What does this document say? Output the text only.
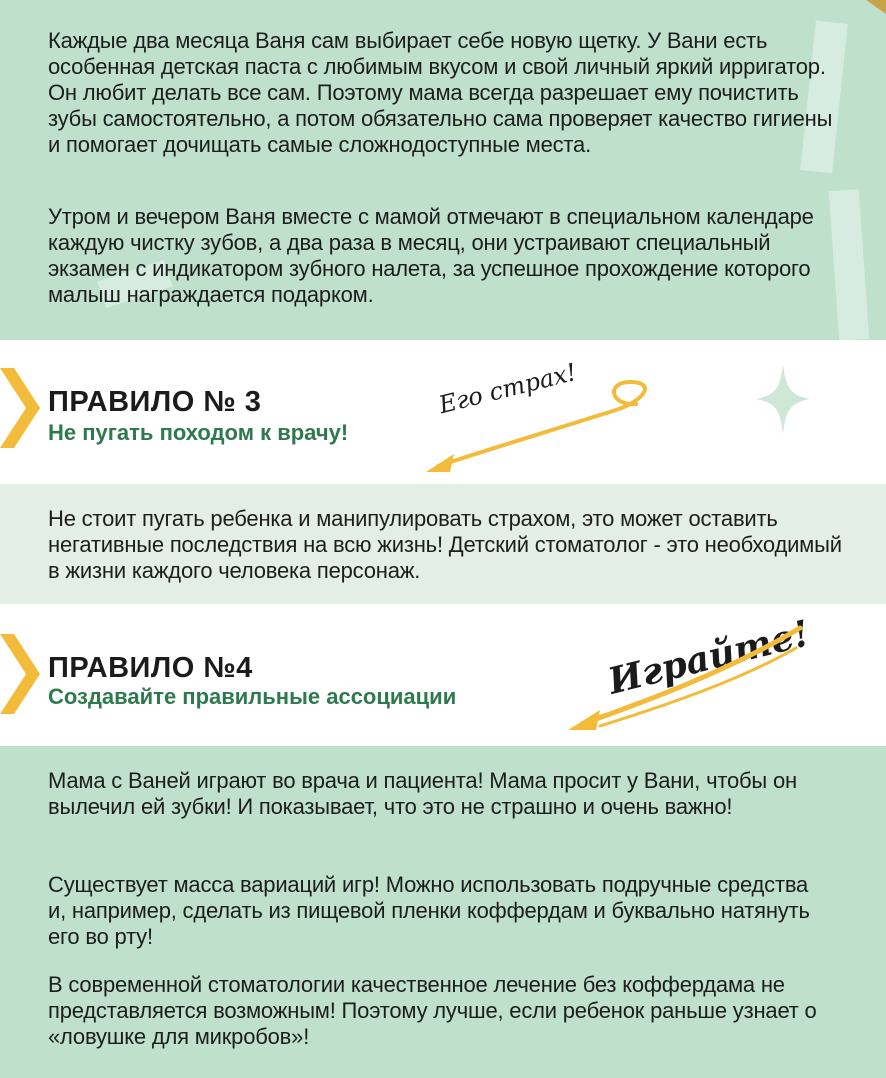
Каждые два месяца Ваня сам выбирает себе новую щетку. У Вани есть особенная детская паста с любимым вкусом и свой личный яркий ирригатор. Он любит делать все сам. Поэтому мама всегда разрешает ему почистить зубы самостоятельно, а потом обязательно сама проверяет качество гигиены и помогает дочищать самые сложнодоступные места.

Утром и вечером Ваня вместе с мамой отмечают в специальном календаре каждую чистку зубов, а два раза в месяц, они устраивают специальный экзамен с индикатором зубного налета, за успешное прохождение которого малыш награждается подарком.

ПРАВИЛО № 3
Не пугать походом к врачу!
Его страх!

Не стоит пугать ребенка и манипулировать страхом, это может оставить негативные последствия на всю жизнь! Детский стоматолог - это необходимый в жизни каждого человека персонаж.

ПРАВИЛО №4
Создавайте правильные ассоциации	Играйте!

Мама с Ваней играют во врача и пациента! Мама просит у Вани, чтобы он вылечил ей зубки! И показывает, что это не страшно и очень важно!

Существует масса вариаций игр! Можно использовать подручные средства и, например, сделать из пищевой пленки коффердам и буквально натянуть его во рту!

В современной стоматологии качественное лечение без коффердама не представляется возможным! Поэтому лучше, если ребенок раньше узнает о «ловушке для микробов»!
